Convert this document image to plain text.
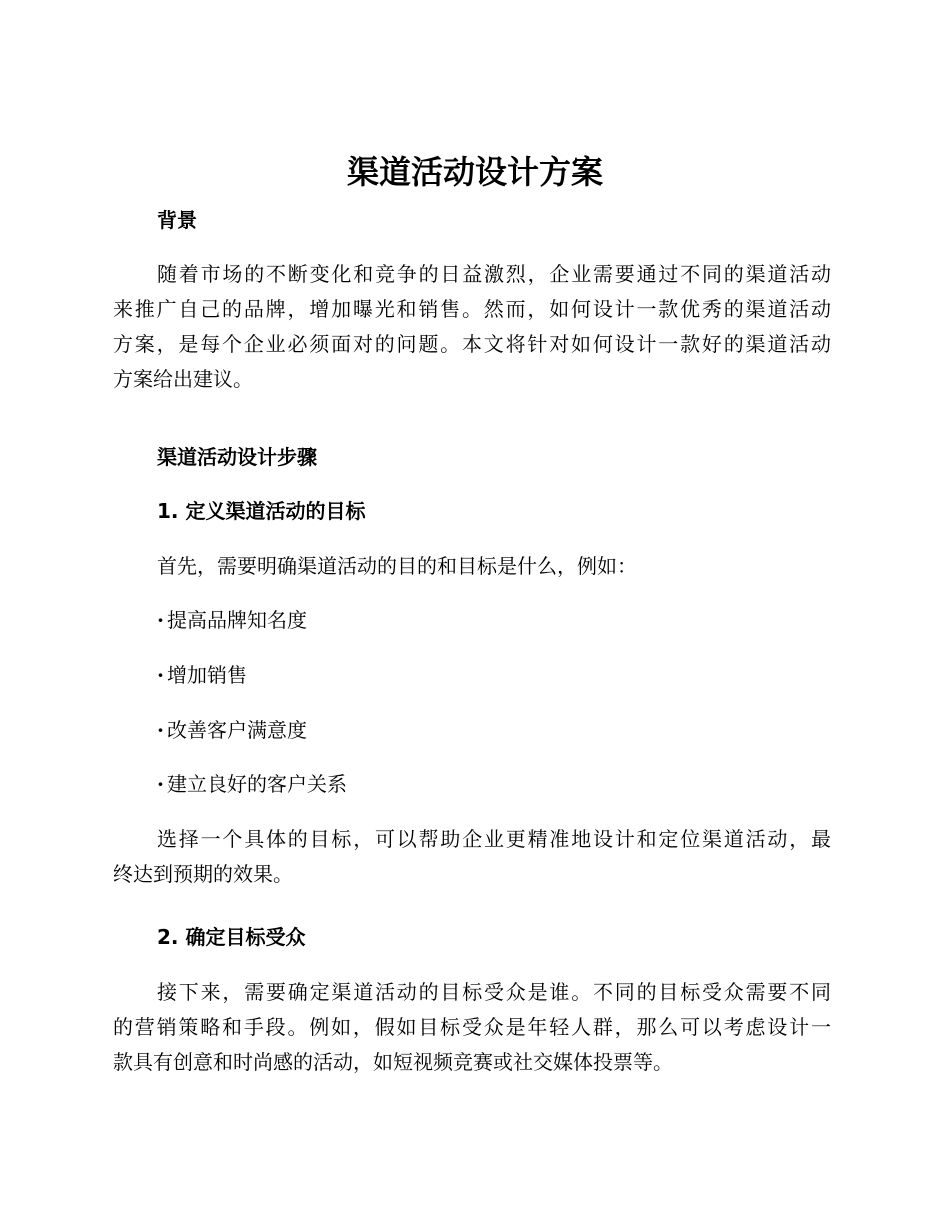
渠道活动设计方案
背景
随着市场的不断变化和竞争的日益激烈，企业需要通过不同的渠道活动
来推广自己的品牌，增加曝光和销售。然而，如何设计一款优秀的渠道活动
方案，是每个企业必须面对的问题。本文将针对如何设计一款好的渠道活动
方案给出建议。
渠道活动设计步骤
1. 定义渠道活动的目标

首先，需要明确渠道活动的目的和目标是什么，例如：

· 提高品牌知名度

· 增加销售

· 改善客户满意度

· 建立良好的客户关系

选择一个具体的目标，可以帮助企业更精准地设计和定位渠道活动，最
终达到预期的效果。
2. 确定目标受众
接下来，需要确定渠道活动的目标受众是谁。不同的目标受众需要不同
的营销策略和手段。例如，假如目标受众是年轻人群，那么可以考虑设计一
款具有创意和时尚感的活动，如短视频竞赛或社交媒体投票等。
